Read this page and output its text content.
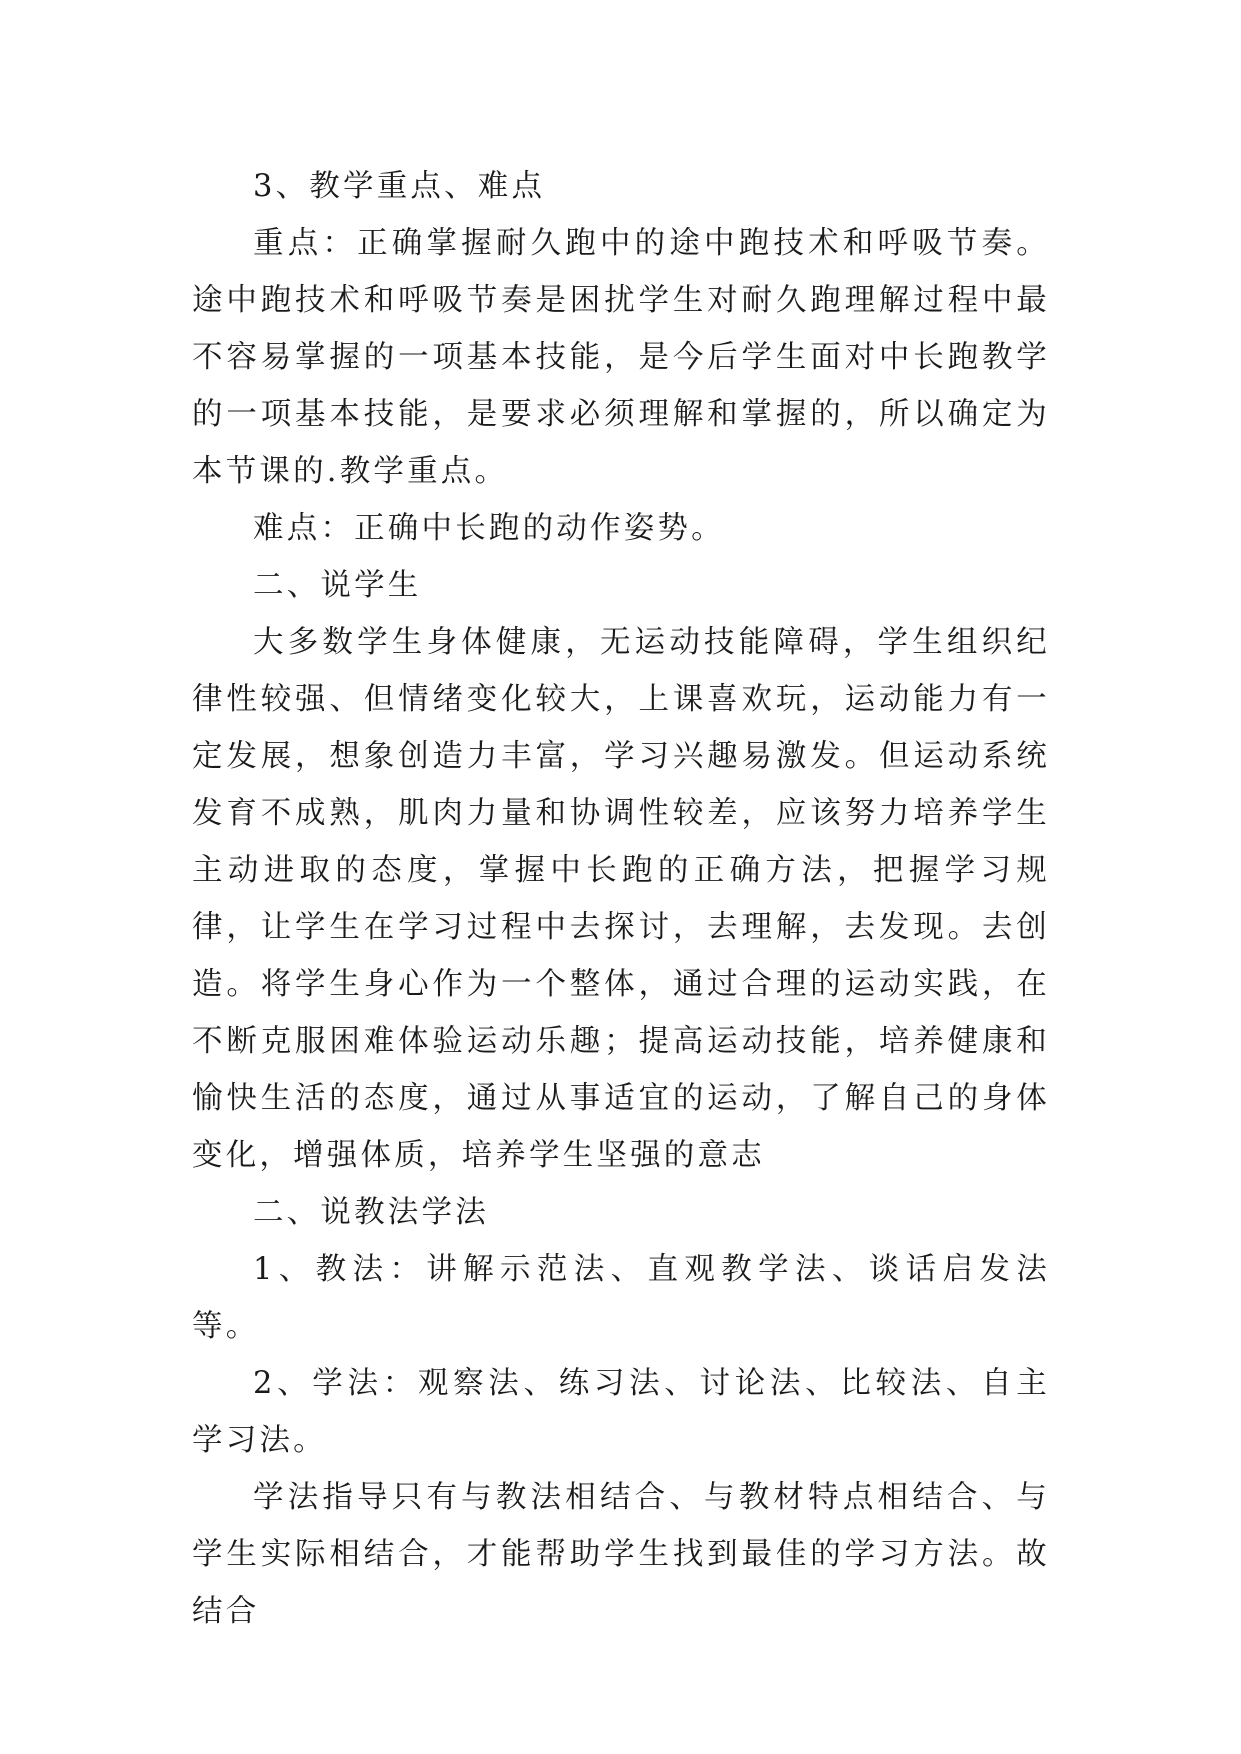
3、教学重点、难点

重点：正确掌握耐久跑中的途中跑技术和呼吸节奏。途中跑技术和呼吸节奏是困扰学生对耐久跑理解过程中最不容易掌握的一项基本技能，是今后学生面对中长跑教学的一项基本技能，是要求必须理解和掌握的，所以确定为本节课的.教学重点。

难点：正确中长跑的动作姿势。

二、说学生

大多数学生身体健康，无运动技能障碍，学生组织纪律性较强、但情绪变化较大，上课喜欢玩，运动能力有一定发展，想象创造力丰富，学习兴趣易激发。但运动系统发育不成熟，肌肉力量和协调性较差，应该努力培养学生主动进取的态度，掌握中长跑的正确方法，把握学习规律，让学生在学习过程中去探讨，去理解，去发现。去创造。将学生身心作为一个整体，通过合理的运动实践，在不断克服困难体验运动乐趣；提高运动技能，培养健康和愉快生活的态度，通过从事适宜的运动，了解自己的身体变化，增强体质，培养学生坚强的意志

二、说教法学法

1、教法：讲解示范法、直观教学法、谈话启发法等。

2、学法：观察法、练习法、讨论法、比较法、自主学习法。

学法指导只有与教法相结合、与教材特点相结合、与学生实际相结合，才能帮助学生找到最佳的学习方法。故结合
